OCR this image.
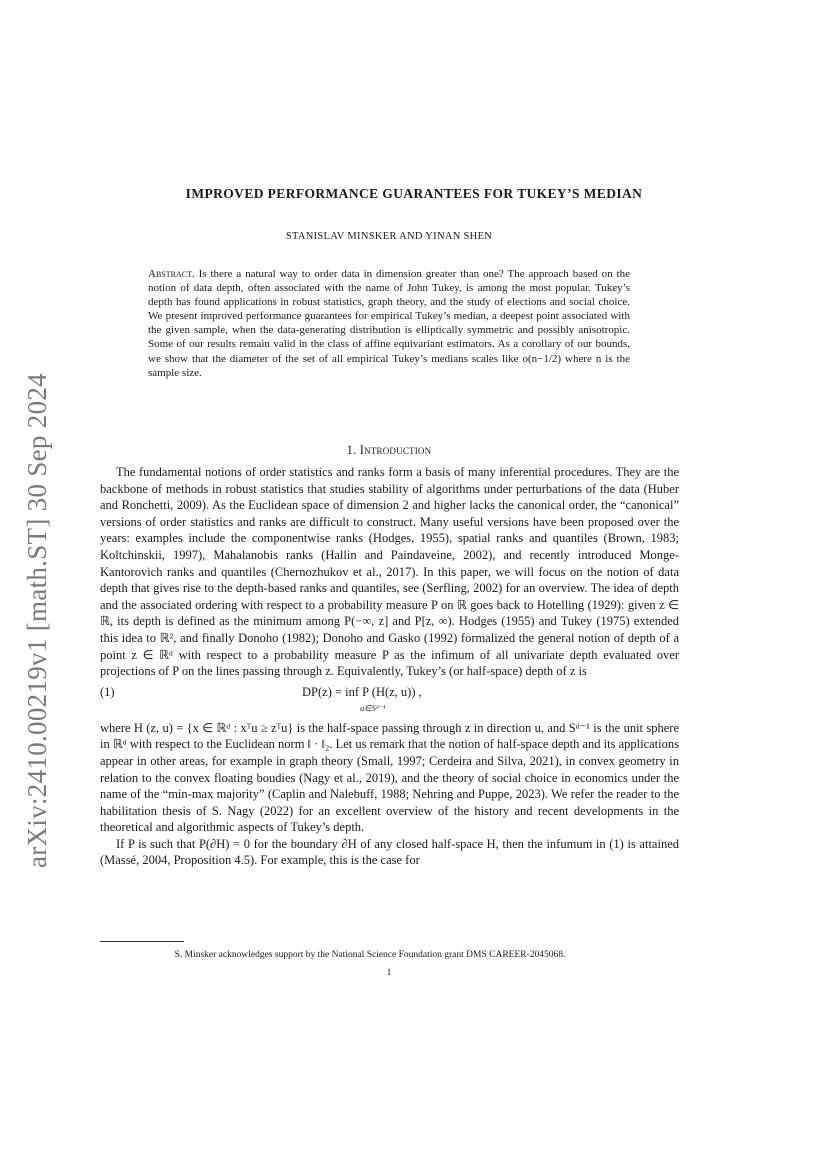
arXiv:2410.00219v1 [math.ST] 30 Sep 2024
IMPROVED PERFORMANCE GUARANTEES FOR TUKEY’S MEDIAN
STANISLAV MINSKER AND YINAN SHEN
Abstract. Is there a natural way to order data in dimension greater than one? The approach based on the notion of data depth, often associated with the name of John Tukey, is among the most popular. Tukey’s depth has found applications in robust statistics, graph theory, and the study of elections and social choice. We present improved performance guarantees for empirical Tukey’s median, a deepest point associated with the given sample, when the data-generating distribution is elliptically symmetric and possibly anisotropic. Some of our results remain valid in the class of affine equivariant estimators. As a corollary of our bounds, we show that the diameter of the set of all empirical Tukey’s medians scales like o(n−1/2) where n is the sample size.
1. Introduction

The fundamental notions of order statistics and ranks form a basis of many inferential procedures. They are the backbone of methods in robust statistics that studies stability of algorithms under perturbations of the data (Huber and Ronchetti, 2009). As the Euclidean space of dimension 2 and higher lacks the canonical order, the “canonical” versions of order statistics and ranks are difficult to construct. Many useful versions have been proposed over the years: examples include the componentwise ranks (Hodges, 1955), spatial ranks and quantiles (Brown, 1983; Koltchinskii, 1997), Mahalanobis ranks (Hallin and Paindaveine, 2002), and recently introduced Monge-Kantorovich ranks and quantiles (Chernozhukov et al., 2017). In this paper, we will focus on the notion of data depth that gives rise to the depth-based ranks and quantiles, see (Serfling, 2002) for an overview. The idea of depth and the associated ordering with respect to a probability measure P on ℝ goes back to Hotelling (1929): given z ∈ ℝ, its depth is defined as the minimum among P(−∞, z] and P[z, ∞). Hodges (1955) and Tukey (1975) extended this idea to ℝ², and finally Donoho (1982); Donoho and Gasko (1992) formalized the general notion of depth of a point z ∈ ℝᵈ with respect to a probability measure P as the infimum of all univariate depth evaluated over projections of P on the lines passing through z. Equivalently, Tukey’s (or half-space) depth of z is

(1)	DP(z) = inf P (H(z, u)) ,
u∈Sᵈ⁻¹

where H (z, u) = {x ∈ ℝᵈ : xᵀu ≥ zᵀu} is the half-space passing through z in direction u, and Sᵈ⁻¹ is the unit sphere in ℝᵈ with respect to the Euclidean norm ‖ · ‖₂. Let us remark that the notion of half-space depth and its applications appear in other areas, for example in graph theory (Small, 1997; Cerdeira and Silva, 2021), in convex geometry in relation to the convex floating boudies (Nagy et al., 2019), and the theory of social choice in economics under the name of the “min-max majority” (Caplin and Nalebuff, 1988; Nehring and Puppe, 2023). We refer the reader to the habilitation thesis of S. Nagy (2022) for an excellent overview of the history and recent developments in the theoretical and algorithmic aspects of Tukey’s depth.

If P is such that P(∂H) = 0 for the boundary ∂H of any closed half-space H, then the infumum in (1) is attained (Massé, 2004, Proposition 4.5). For example, this is the case for

S. Minsker acknowledges support by the National Science Foundation grant DMS CAREER-2045068.
1
